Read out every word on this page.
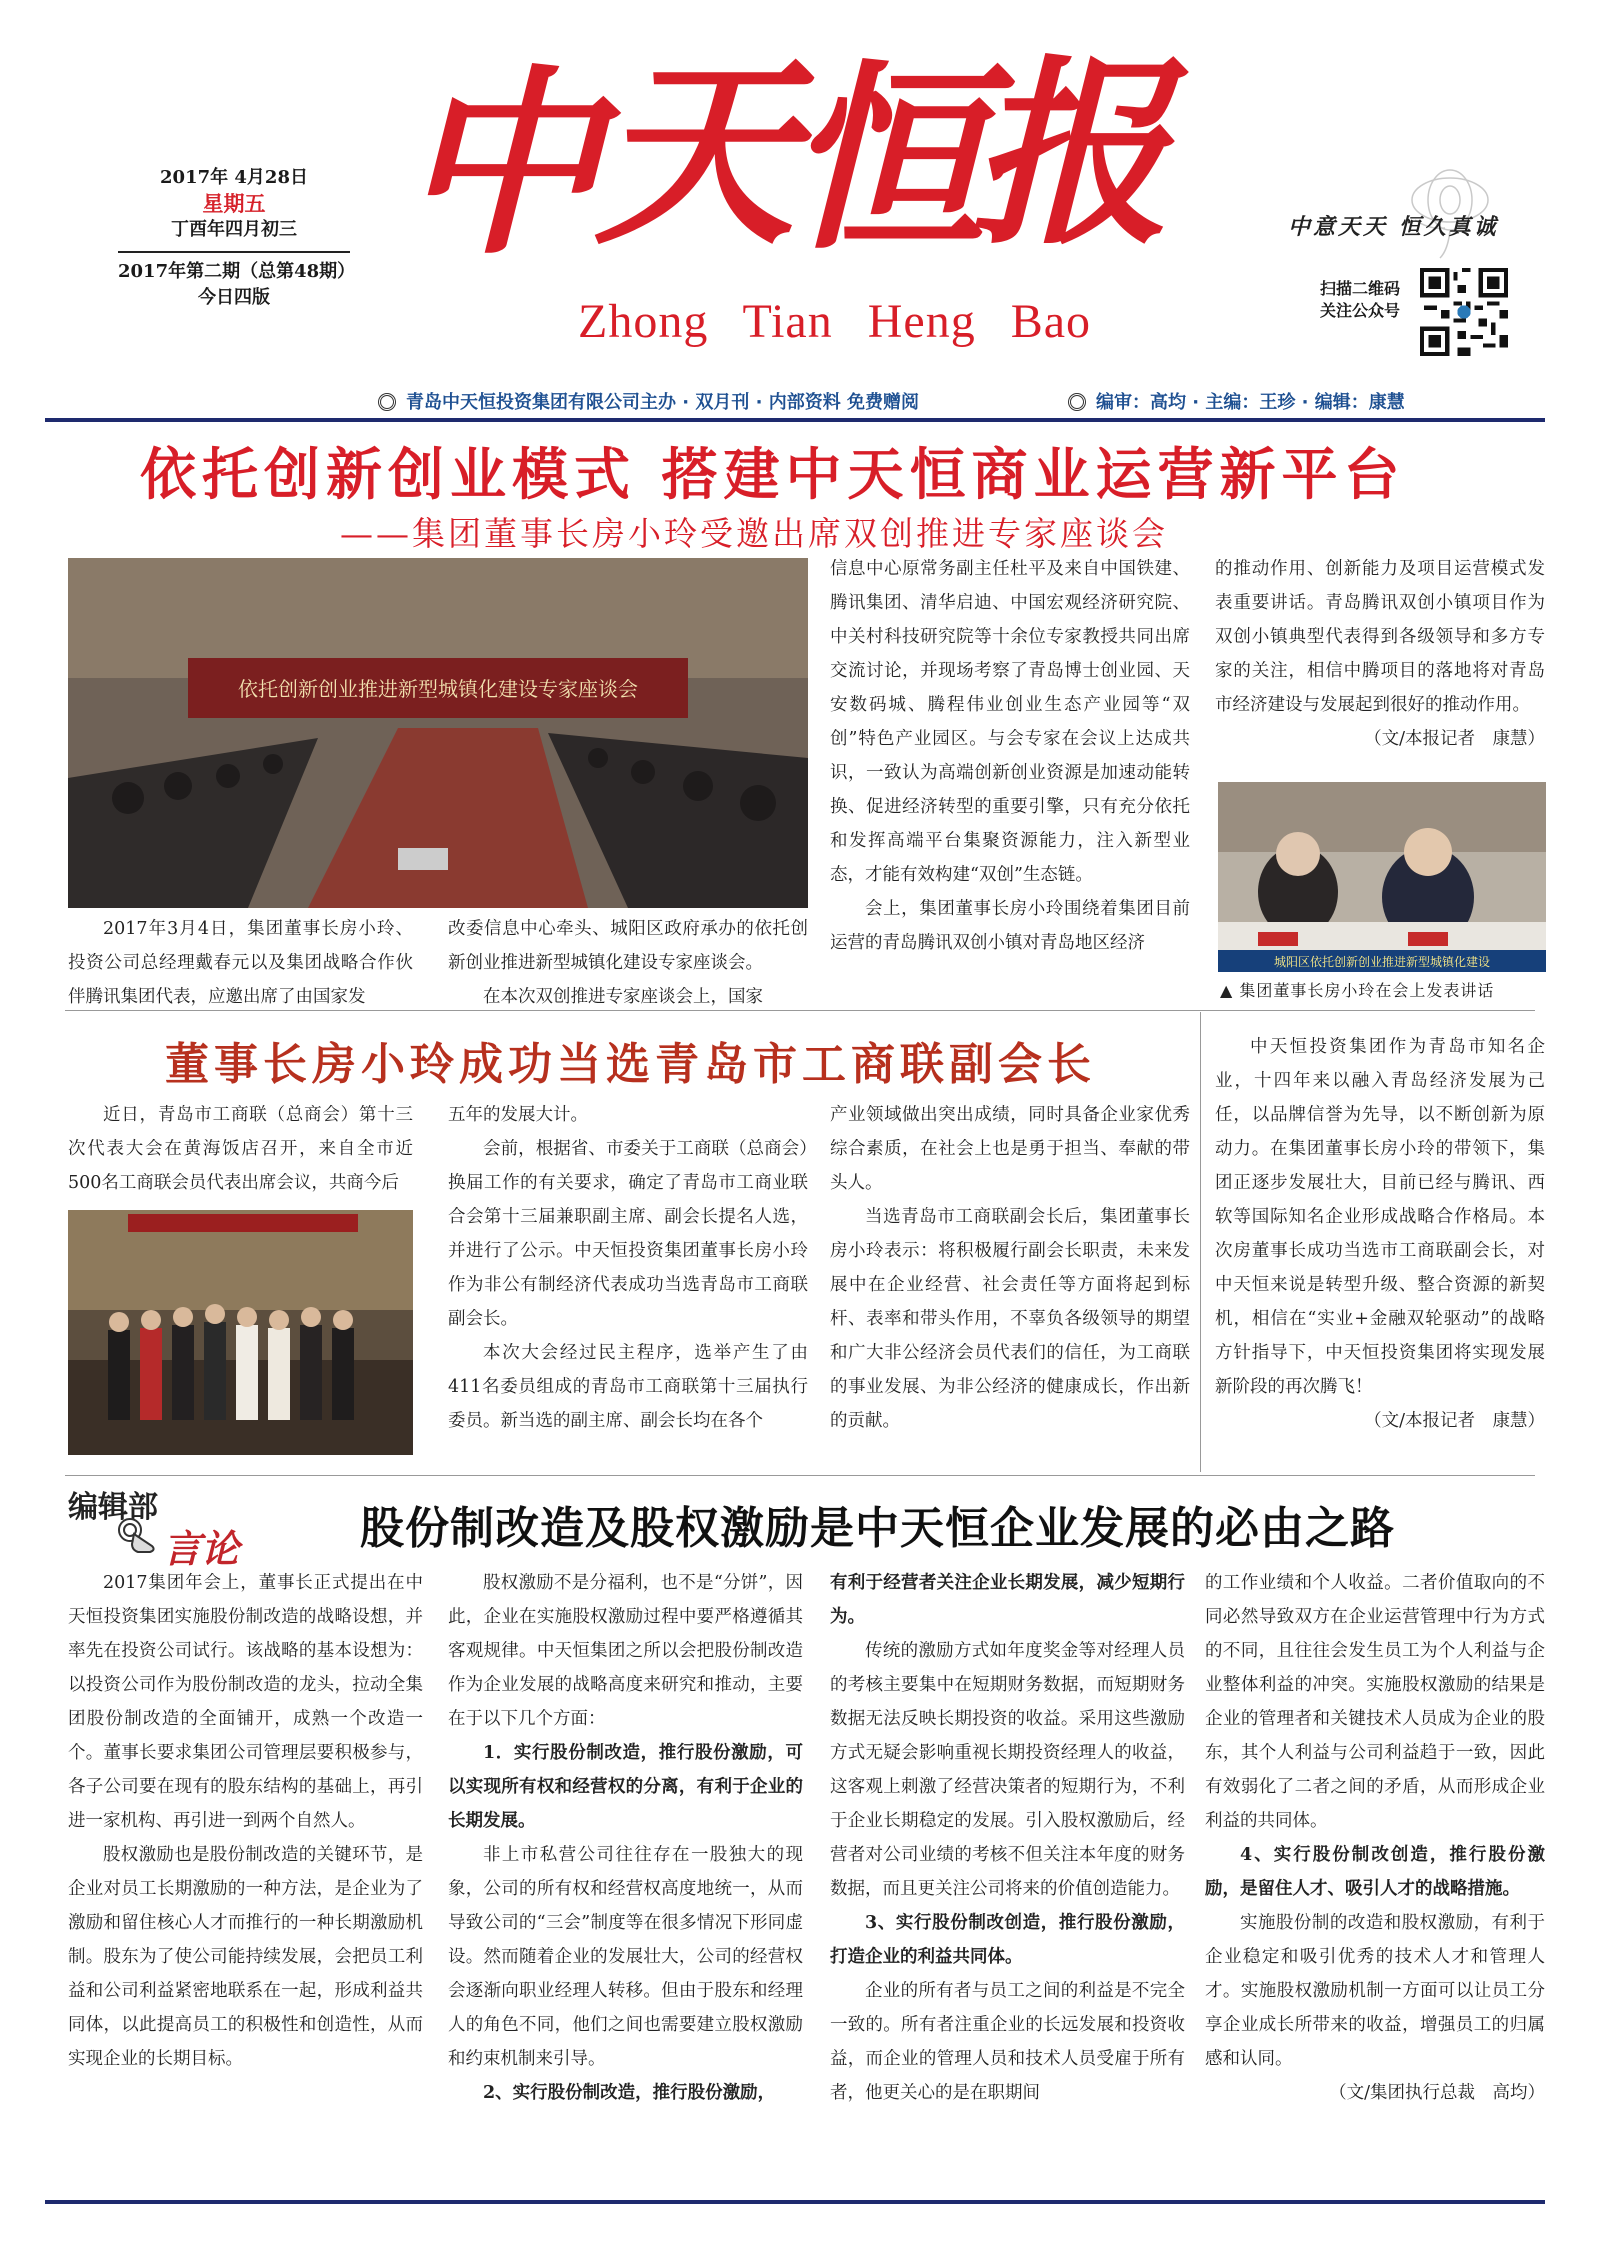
2017年 4月28日
星期五
丁酉年四月初三
2017年第二期（总第48期）
今日四版
中
天
恒
报
Zhong Tian Heng Bao
中意天天 恒久真诚
扫描二维码
关注公众号
青岛中天恒投资集团有限公司主办 · 双月刊 · 内部资料 免费赠阅	编审：高均 · 主编：王珍 · 编辑：康慧
依托创新创业模式 搭建中天恒商业运营新平台
——集团董事长房小玲受邀出席双创推进专家座谈会
依托创新创业推进新型城镇化建设专家座谈会

2017年3月4日，集团董事长房小玲、投资公司总经理戴春元以及集团战略合作伙伴腾讯集团代表，应邀出席了由国家发

改委信息中心牵头、城阳区政府承办的依托创新创业推进新型城镇化建设专家座谈会。

在本次双创推进专家座谈会上，国家

信息中心原常务副主任杜平及来自中国铁建、腾讯集团、清华启迪、中国宏观经济研究院、中关村科技研究院等十余位专家教授共同出席交流讨论，并现场考察了青岛博士创业园、天安数码城、腾程伟业创业生态产业园等“双创”特色产业园区。与会专家在会议上达成共识，一致认为高端创新创业资源是加速动能转换、促进经济转型的重要引擎，只有充分依托和发挥高端平台集聚资源能力，注入新型业态，才能有效构建“双创”生态链。

会上，集团董事长房小玲围绕着集团目前运营的青岛腾讯双创小镇对青岛地区经济

的推动作用、创新能力及项目运营模式发表重要讲话。青岛腾讯双创小镇项目作为双创小镇典型代表得到各级领导和多方专家的关注，相信中腾项目的落地将对青岛市经济建设与发展起到很好的推动作用。

（文/本报记者　康慧）

城阳区依托创新创业推进新型城镇化建设
▲ 集团董事长房小玲在会上发表讲话
董事长房小玲成功当选青岛市工商联副会长

近日，青岛市工商联（总商会）第十三次代表大会在黄海饭店召开，来自全市近500名工商联会员代表出席会议，共商今后

五年的发展大计。

会前，根据省、市委关于工商联（总商会）换届工作的有关要求，确定了青岛市工商业联合会第十三届兼职副主席、副会长提名人选，并进行了公示。中天恒投资集团董事长房小玲作为非公有制经济代表成功当选青岛市工商联副会长。

本次大会经过民主程序，选举产生了由411名委员组成的青岛市工商联第十三届执行委员。新当选的副主席、副会长均在各个

产业领域做出突出成绩，同时具备企业家优秀综合素质，在社会上也是勇于担当、奉献的带头人。

当选青岛市工商联副会长后，集团董事长房小玲表示：将积极履行副会长职责，未来发展中在企业经营、社会责任等方面将起到标杆、表率和带头作用，不辜负各级领导的期望和广大非公经济会员代表们的信任，为工商联的事业发展、为非公经济的健康成长，作出新的贡献。

中天恒投资集团作为青岛市知名企业，十四年来以融入青岛经济发展为己任，以品牌信誉为先导，以不断创新为原动力。在集团董事长房小玲的带领下，集团正逐步发展壮大，目前已经与腾讯、西软等国际知名企业形成战略合作格局。本次房董事长成功当选市工商联副会长，对中天恒来说是转型升级、整合资源的新契机，相信在“实业+金融双轮驱动”的战略方针指导下，中天恒投资集团将实现发展新阶段的再次腾飞！

（文/本报记者　康慧）

编辑部
言论	股份制改造及股权激励是中天恒企业发展的必由之路

2017集团年会上，董事长正式提出在中天恒投资集团实施股份制改造的战略设想，并率先在投资公司试行。该战略的基本设想为：以投资公司作为股份制改造的龙头，拉动全集团股份制改造的全面铺开，成熟一个改造一个。董事长要求集团公司管理层要积极参与，各子公司要在现有的股东结构的基础上，再引进一家机构、再引进一到两个自然人。

股权激励也是股份制改造的关键环节，是企业对员工长期激励的一种方法，是企业为了激励和留住核心人才而推行的一种长期激励机制。股东为了使公司能持续发展，会把员工利益和公司利益紧密地联系在一起，形成利益共同体，以此提高员工的积极性和创造性，从而实现企业的长期目标。

股权激励不是分福利，也不是“分饼”，因此，企业在实施股权激励过程中要严格遵循其客观规律。中天恒集团之所以会把股份制改造作为企业发展的战略高度来研究和推动，主要在于以下几个方面：

1．实行股份制改造，推行股份激励，可以实现所有权和经营权的分离，有利于企业的长期发展。

非上市私营公司往往存在一股独大的现象，公司的所有权和经营权高度地统一，从而导致公司的“三会”制度等在很多情况下形同虚设。然而随着企业的发展壮大，公司的经营权会逐渐向职业经理人转移。但由于股东和经理人的角色不同，他们之间也需要建立股权激励和约束机制来引导。

2、实行股份制改造，推行股份激励，

有利于经营者关注企业长期发展，减少短期行为。

传统的激励方式如年度奖金等对经理人员的考核主要集中在短期财务数据，而短期财务数据无法反映长期投资的收益。采用这些激励方式无疑会影响重视长期投资经理人的收益，这客观上刺激了经营决策者的短期行为，不利于企业长期稳定的发展。引入股权激励后，经营者对公司业绩的考核不但关注本年度的财务数据，而且更关注公司将来的价值创造能力。

3、实行股份制改创造，推行股份激励，打造企业的利益共同体。

企业的所有者与员工之间的利益是不完全一致的。所有者注重企业的长远发展和投资收益，而企业的管理人员和技术人员受雇于所有者，他更关心的是在职期间

的工作业绩和个人收益。二者价值取向的不同必然导致双方在企业运营管理中行为方式的不同，且往往会发生员工为个人利益与企业整体利益的冲突。实施股权激励的结果是企业的管理者和关键技术人员成为企业的股东，其个人利益与公司利益趋于一致，因此有效弱化了二者之间的矛盾，从而形成企业利益的共同体。

4、实行股份制改创造，推行股份激励，是留住人才、吸引人才的战略措施。

实施股份制的改造和股权激励，有利于企业稳定和吸引优秀的技术人才和管理人才。实施股权激励机制一方面可以让员工分享企业成长所带来的收益，增强员工的归属感和认同。

（文/集团执行总裁　高均）
